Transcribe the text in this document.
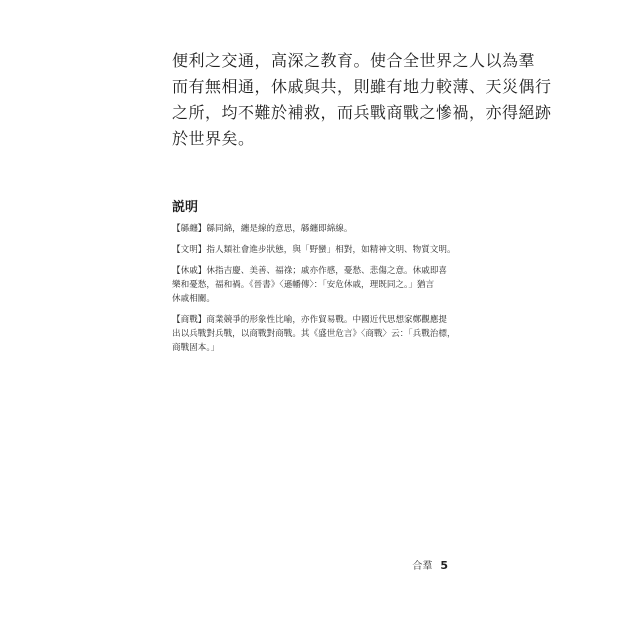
便利之交通，高深之教育。使合全世界之人以為羣
而有無相通，休戚與共，則雖有地力較薄、天災偶行
之所，均不難於補救，而兵戰商戰之慘禍，亦得絕跡
於世界矣。
説明
【緜纏】緜同綿，纏是線的意思，緜纏即綿線。
【文明】指人類社會進步狀態，與「野蠻」相對，如精神文明、物質文明。
【休戚】休指吉慶、美善、福祿；戚亦作慼，憂愁、悲傷之意。休戚即喜
樂和憂愁，福和禍。《晉書》〈遜幡傳〉：「安危休戚，理既同之。」猶言
休戚相關。
【商戰】商業競爭的形象性比喻，亦作貿易戰。中國近代思想家鄭觀應提
出以兵戰對兵戰，以商戰對商戰。其《盛世危言》〈商戰〉云：「兵戰治標，
商戰固本。」
合羣 5
